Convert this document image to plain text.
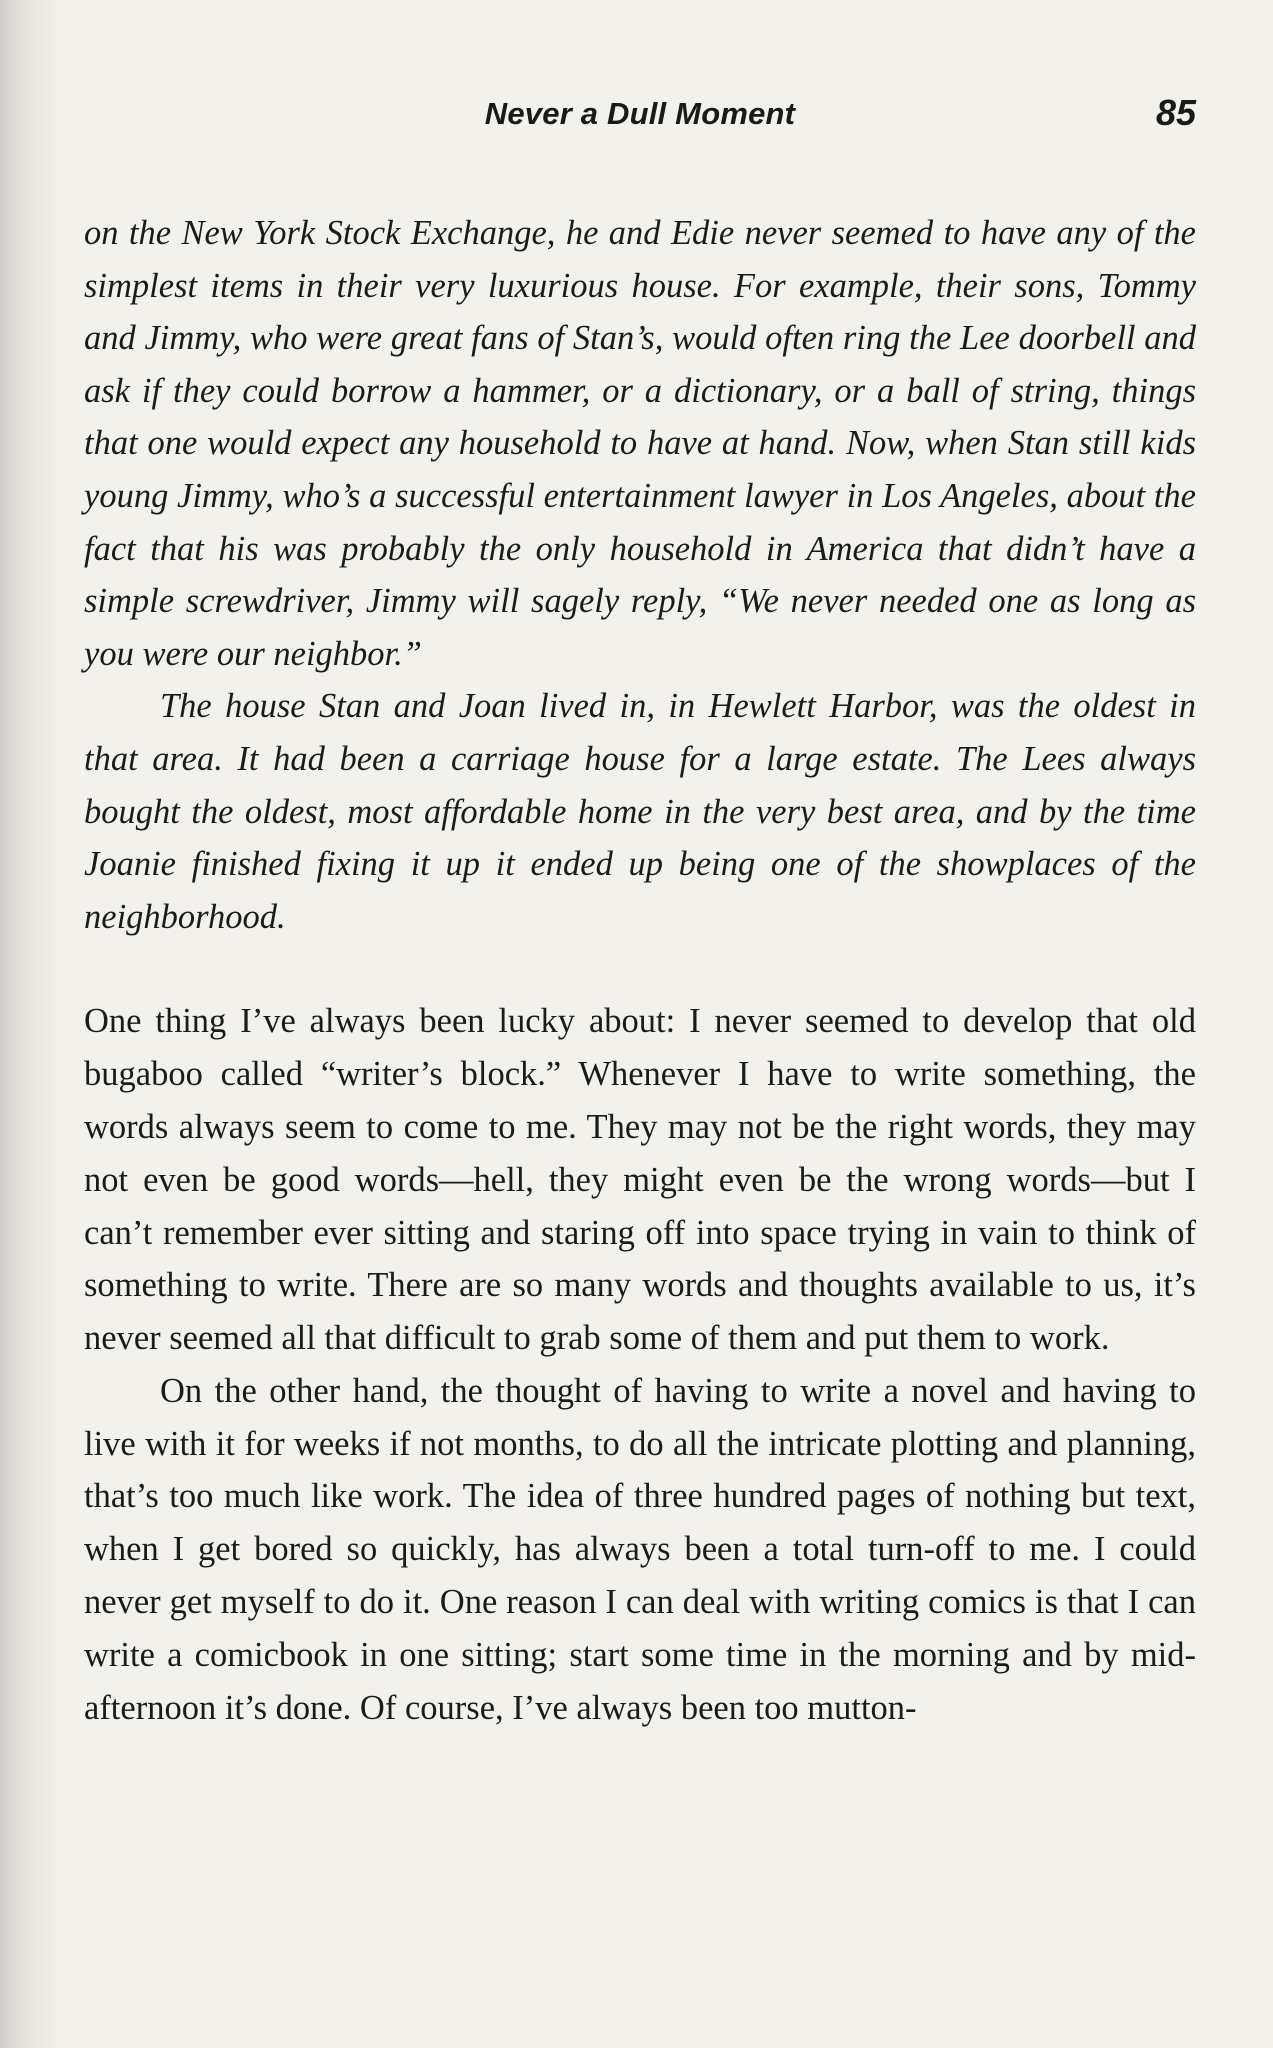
Never a Dull Moment	85

on the New York Stock Exchange, he and Edie never seemed to have any of the simplest items in their very luxurious house. For example, their sons, Tommy and Jimmy, who were great fans of Stan’s, would often ring the Lee doorbell and ask if they could borrow a hammer, or a dictionary, or a ball of string, things that one would expect any household to have at hand. Now, when Stan still kids young Jimmy, who’s a successful entertainment lawyer in Los Angeles, about the fact that his was probably the only household in America that didn’t have a simple screwdriver, Jimmy will sagely reply, “We never needed one as long as you were our neighbor.”

The house Stan and Joan lived in, in Hewlett Harbor, was the oldest in that area. It had been a carriage house for a large estate. The Lees always bought the oldest, most affordable home in the very best area, and by the time Joanie finished fixing it up it ended up being one of the showplaces of the neighborhood.

One thing I’ve always been lucky about: I never seemed to develop that old bugaboo called “writer’s block.” Whenever I have to write something, the words always seem to come to me. They may not be the right words, they may not even be good words—hell, they might even be the wrong words—but I can’t remember ever sitting and staring off into space trying in vain to think of something to write. There are so many words and thoughts available to us, it’s never seemed all that difficult to grab some of them and put them to work.

On the other hand, the thought of having to write a novel and having to live with it for weeks if not months, to do all the intricate plotting and planning, that’s too much like work. The idea of three hundred pages of nothing but text, when I get bored so quickly, has always been a total turn-off to me. I could never get myself to do it. One reason I can deal with writing comics is that I can write a comicbook in one sitting; start some time in the morning and by mid-afternoon it’s done. Of course, I’ve always been too mutton-
